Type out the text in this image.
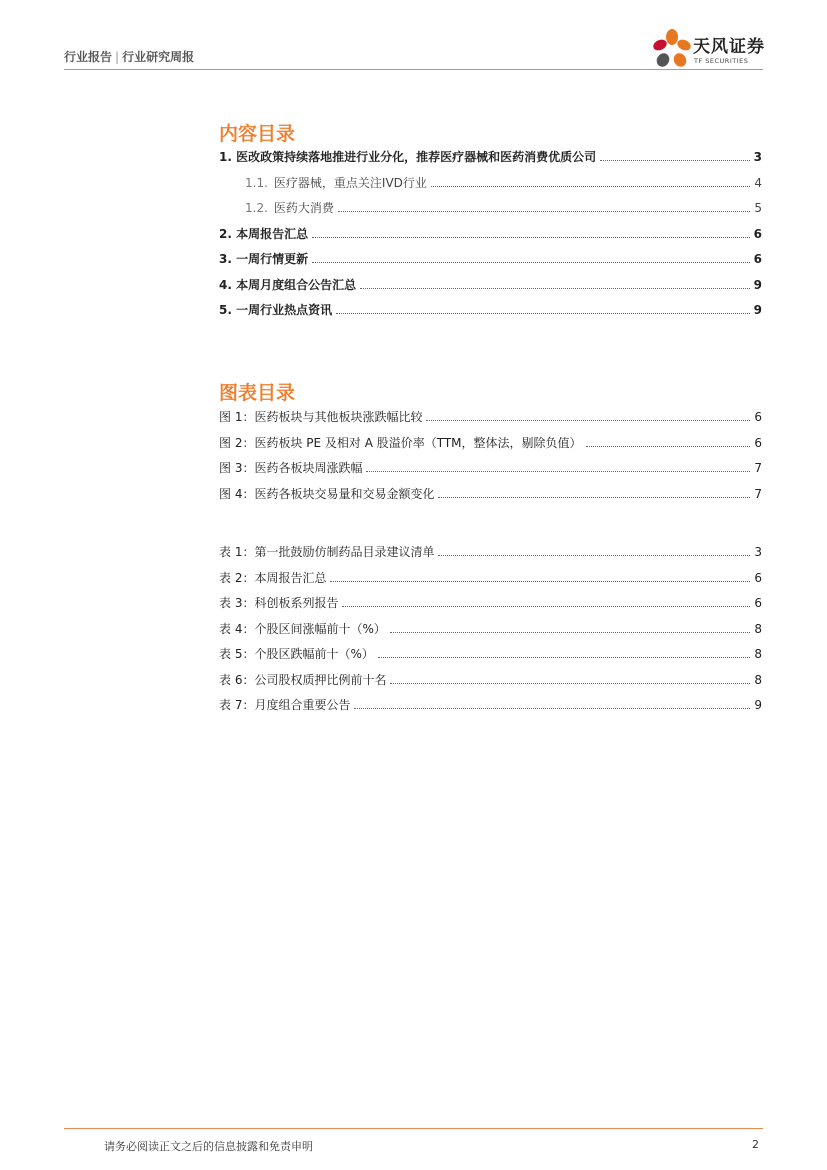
行业报告 | 行业研究周报	天风证券
TF SECURITIES
内容目录
1. 医改政策持续落地推进行业分化，推荐医疗器械和医药消费优质公司	3
1.1. 医疗器械，重点关注IVD行业	4
1.2. 医药大消费	5
2. 本周报告汇总	6
3. 一周行情更新	6
4. 本周月度组合公告汇总	9
5. 一周行业热点资讯	9
图表目录
图 1：医药板块与其他板块涨跌幅比较	6
图 2：医药板块 PE 及相对 A 股溢价率（TTM，整体法，剔除负值）	6
图 3：医药各板块周涨跌幅	7
图 4：医药各板块交易量和交易金额变化	7
表 1：第一批鼓励仿制药品目录建议清单	3
表 2：本周报告汇总	6
表 3：科创板系列报告	6
表 4：个股区间涨幅前十（%）	8
表 5：个股区跌幅前十（%）	8
表 6：公司股权质押比例前十名	8
表 7：月度组合重要公告	9
请务必阅读正文之后的信息披露和免责申明	2
